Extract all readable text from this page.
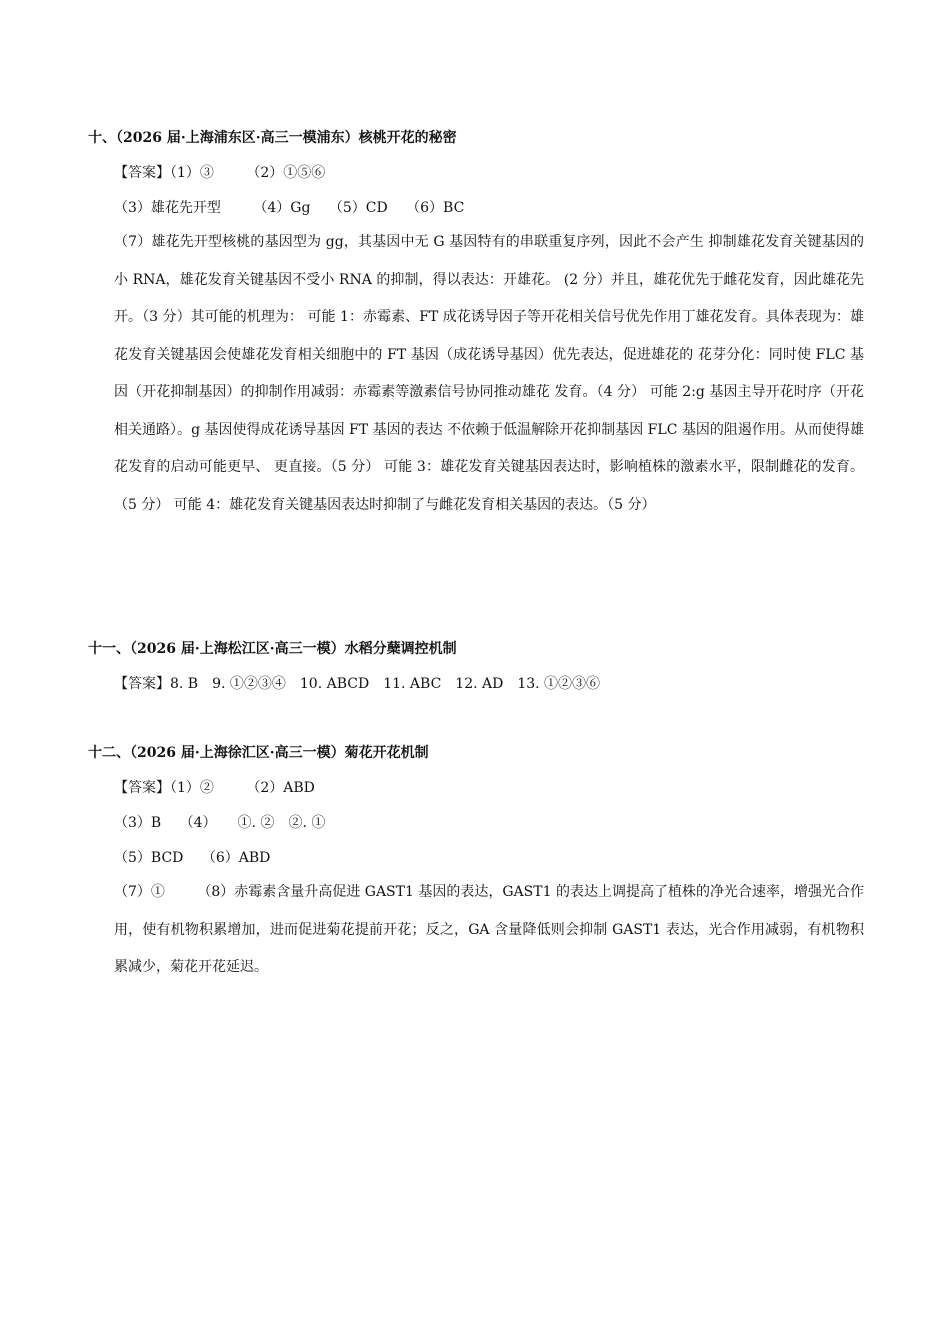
十、（2026 届·上海浦东区·高三一模浦东）核桃开花的秘密
【答案】（1）③　　 （2）①⑤⑥
（3）雄花先开型　　 （4）Gg　 （5）CD　 （6）BC
（7）雄花先开型核桃的基因型为 gg，其基因中无 G 基因特有的串联重复序列，因此不会产生 抑制雄花发育关键基因的小 RNA，雄花发育关键基因不受小 RNA 的抑制，得以表达：开雄花。 (2 分）并且，雄花优先于雌花发育，因此雄花先开。（3 分）其可能的机理为： 可能 1：赤霉素、FT 成花诱导因子等开花相关信号优先作用丁雄花发育。具体表现为：雄 花发育关键基因会使雄花发育相关细胞中的 FT 基因（成花诱导基因）优先表达，促进雄花的 花芽分化：同时使 FLC 基因（开花抑制基因）的抑制作用减弱：赤霉素等激素信号协同推动雄花 发育。（4 分） 可能 2:g 基因主导开花时序（开花相关通路）。g 基因使得成花诱导基因 FT 基因的表达 不依赖于低温解除开花抑制基因 FLC 基因的阻遏作用。从而使得雄花发育的启动可能更早、 更直接。（5 分） 可能 3：雄花发育关键基因表达时，影响植株的激素水平，限制雌花的发育。（5 分） 可能 4：雄花发育关键基因表达时抑制了与雌花发育相关基因的表达。（5 分）
十一、（2026 届·上海松江区·高三一模）水稻分蘖调控机制
【答案】8. B　9. ①②③④　10. ABCD　11. ABC　12. AD　13. ①②③⑥
十二、（2026 届·上海徐汇区·高三一模）菊花开花机制
【答案】（1）②　　 （2）ABD
（3）B　 （4）　　①. ②　②. ①
（5）BCD　 （6）ABD
（7）①　　 （8）赤霉素含量升高促进 GAST1 基因的表达，GAST1 的表达上调提高了植株的净光合速率，增强光合作用，使有机物积累增加，进而促进菊花提前开花；反之，GA 含量降低则会抑制 GAST1 表达，光合作用减弱，有机物积累减少，菊花开花延迟。
